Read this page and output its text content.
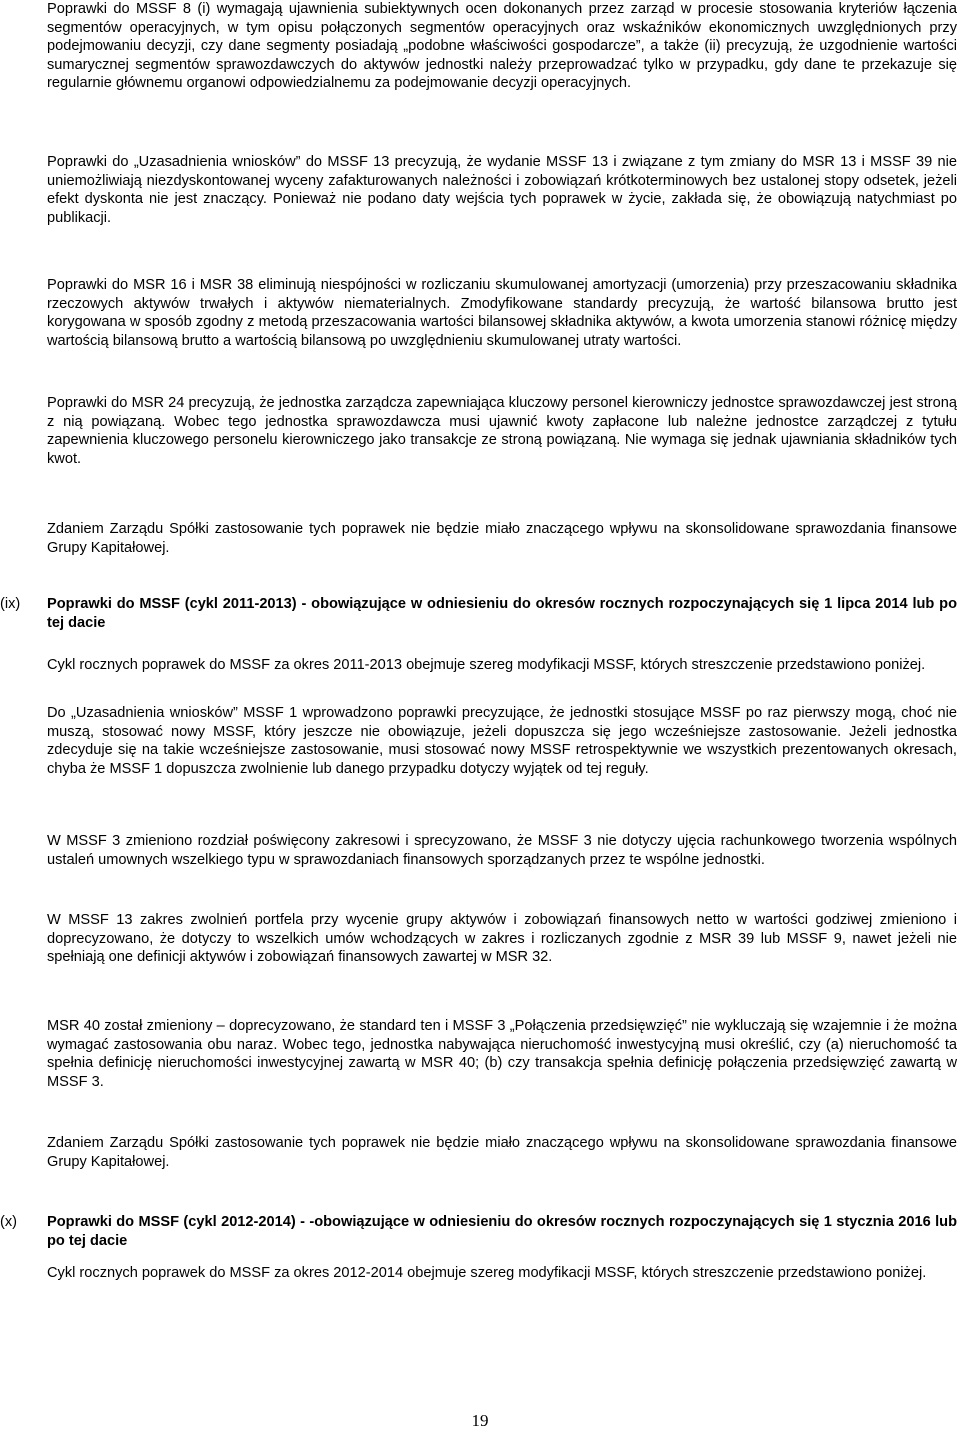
Poprawki do MSSF 8 (i) wymagają ujawnienia subiektywnych ocen dokonanych przez zarząd w procesie stosowania kryteriów łączenia segmentów operacyjnych, w tym opisu połączonych segmentów operacyjnych oraz wskaźników ekonomicznych uwzględnionych przy podejmowaniu decyzji, czy dane segmenty posiadają „podobne właściwości gospodarcze”, a także (ii) precyzują, że uzgodnienie wartości sumarycznej segmentów sprawozdawczych do aktywów jednostki należy przeprowadzać tylko w przypadku, gdy dane te przekazuje się regularnie głównemu organowi odpowiedzialnemu za podejmowanie decyzji operacyjnych.

Poprawki do „Uzasadnienia wniosków” do MSSF 13 precyzują, że wydanie MSSF 13 i związane z tym zmiany do MSR 13 i MSSF 39 nie uniemożliwiają niezdyskontowanej wyceny zafakturowanych należności i zobowiązań krótkoterminowych bez ustalonej stopy odsetek, jeżeli efekt dyskonta nie jest znaczący. Ponieważ nie podano daty wejścia tych poprawek w życie, zakłada się, że obowiązują natychmiast po publikacji.

Poprawki do MSR 16 i MSR 38 eliminują niespójności w rozliczaniu skumulowanej amortyzacji (umorzenia) przy przeszacowaniu składnika rzeczowych aktywów trwałych i aktywów niematerialnych. Zmodyfikowane standardy precyzują, że wartość bilansowa brutto jest korygowana w sposób zgodny z metodą przeszacowania wartości bilansowej składnika aktywów, a kwota umorzenia stanowi różnicę między wartością bilansową brutto a wartością bilansową po uwzględnieniu skumulowanej utraty wartości.

Poprawki do MSR 24 precyzują, że jednostka zarządcza zapewniająca kluczowy personel kierowniczy jednostce sprawozdawczej jest stroną z nią powiązaną. Wobec tego jednostka sprawozdawcza musi ujawnić kwoty zapłacone lub należne jednostce zarządczej z tytułu zapewnienia kluczowego personelu kierowniczego jako transakcje ze stroną powiązaną. Nie wymaga się jednak ujawniania składników tych kwot.

Zdaniem Zarządu Spółki zastosowanie tych poprawek nie będzie miało znaczącego wpływu na skonsolidowane sprawozdania finansowe Grupy Kapitałowej.

(ix) Poprawki do MSSF (cykl 2011-2013) - obowiązujące w odniesieniu do okresów rocznych rozpoczynających się 1 lipca 2014 lub po tej dacie

Cykl rocznych poprawek do MSSF za okres 2011-2013 obejmuje szereg modyfikacji MSSF, których streszczenie przedstawiono poniżej.

Do „Uzasadnienia wniosków” MSSF 1 wprowadzono poprawki precyzujące, że jednostki stosujące MSSF po raz pierwszy mogą, choć nie muszą, stosować nowy MSSF, który jeszcze nie obowiązuje, jeżeli dopuszcza się jego wcześniejsze zastosowanie. Jeżeli jednostka zdecyduje się na takie wcześniejsze zastosowanie, musi stosować nowy MSSF retrospektywnie we wszystkich prezentowanych okresach, chyba że MSSF 1 dopuszcza zwolnienie lub danego przypadku dotyczy wyjątek od tej reguły.

W MSSF 3 zmieniono rozdział poświęcony zakresowi i sprecyzowano, że MSSF 3 nie dotyczy ujęcia rachunkowego tworzenia wspólnych ustaleń umownych wszelkiego typu w sprawozdaniach finansowych sporządzanych przez te wspólne jednostki.

W MSSF 13 zakres zwolnień portfela przy wycenie grupy aktywów i zobowiązań finansowych netto w wartości godziwej zmieniono i doprecyzowano, że dotyczy to wszelkich umów wchodzących w zakres i rozliczanych zgodnie z MSR 39 lub MSSF 9, nawet jeżeli nie spełniają one definicji aktywów i zobowiązań finansowych zawartej w MSR 32.

MSR 40 został zmieniony – doprecyzowano, że standard ten i MSSF 3 „Połączenia przedsięwzięć” nie wykluczają się wzajemnie i że można wymagać zastosowania obu naraz. Wobec tego, jednostka nabywająca nieruchomość inwestycyjną musi określić, czy (a) nieruchomość ta spełnia definicję nieruchomości inwestycyjnej zawartą w MSR 40; (b) czy transakcja spełnia definicję połączenia przedsięwzięć zawartą w MSSF 3.

Zdaniem Zarządu Spółki zastosowanie tych poprawek nie będzie miało znaczącego wpływu na skonsolidowane sprawozdania finansowe Grupy Kapitałowej.

(x) Poprawki do MSSF (cykl 2012-2014) - -obowiązujące w odniesieniu do okresów rocznych rozpoczynających się 1 stycznia 2016 lub po tej dacie

Cykl rocznych poprawek do MSSF za okres 2012-2014 obejmuje szereg modyfikacji MSSF, których streszczenie przedstawiono poniżej.

19
